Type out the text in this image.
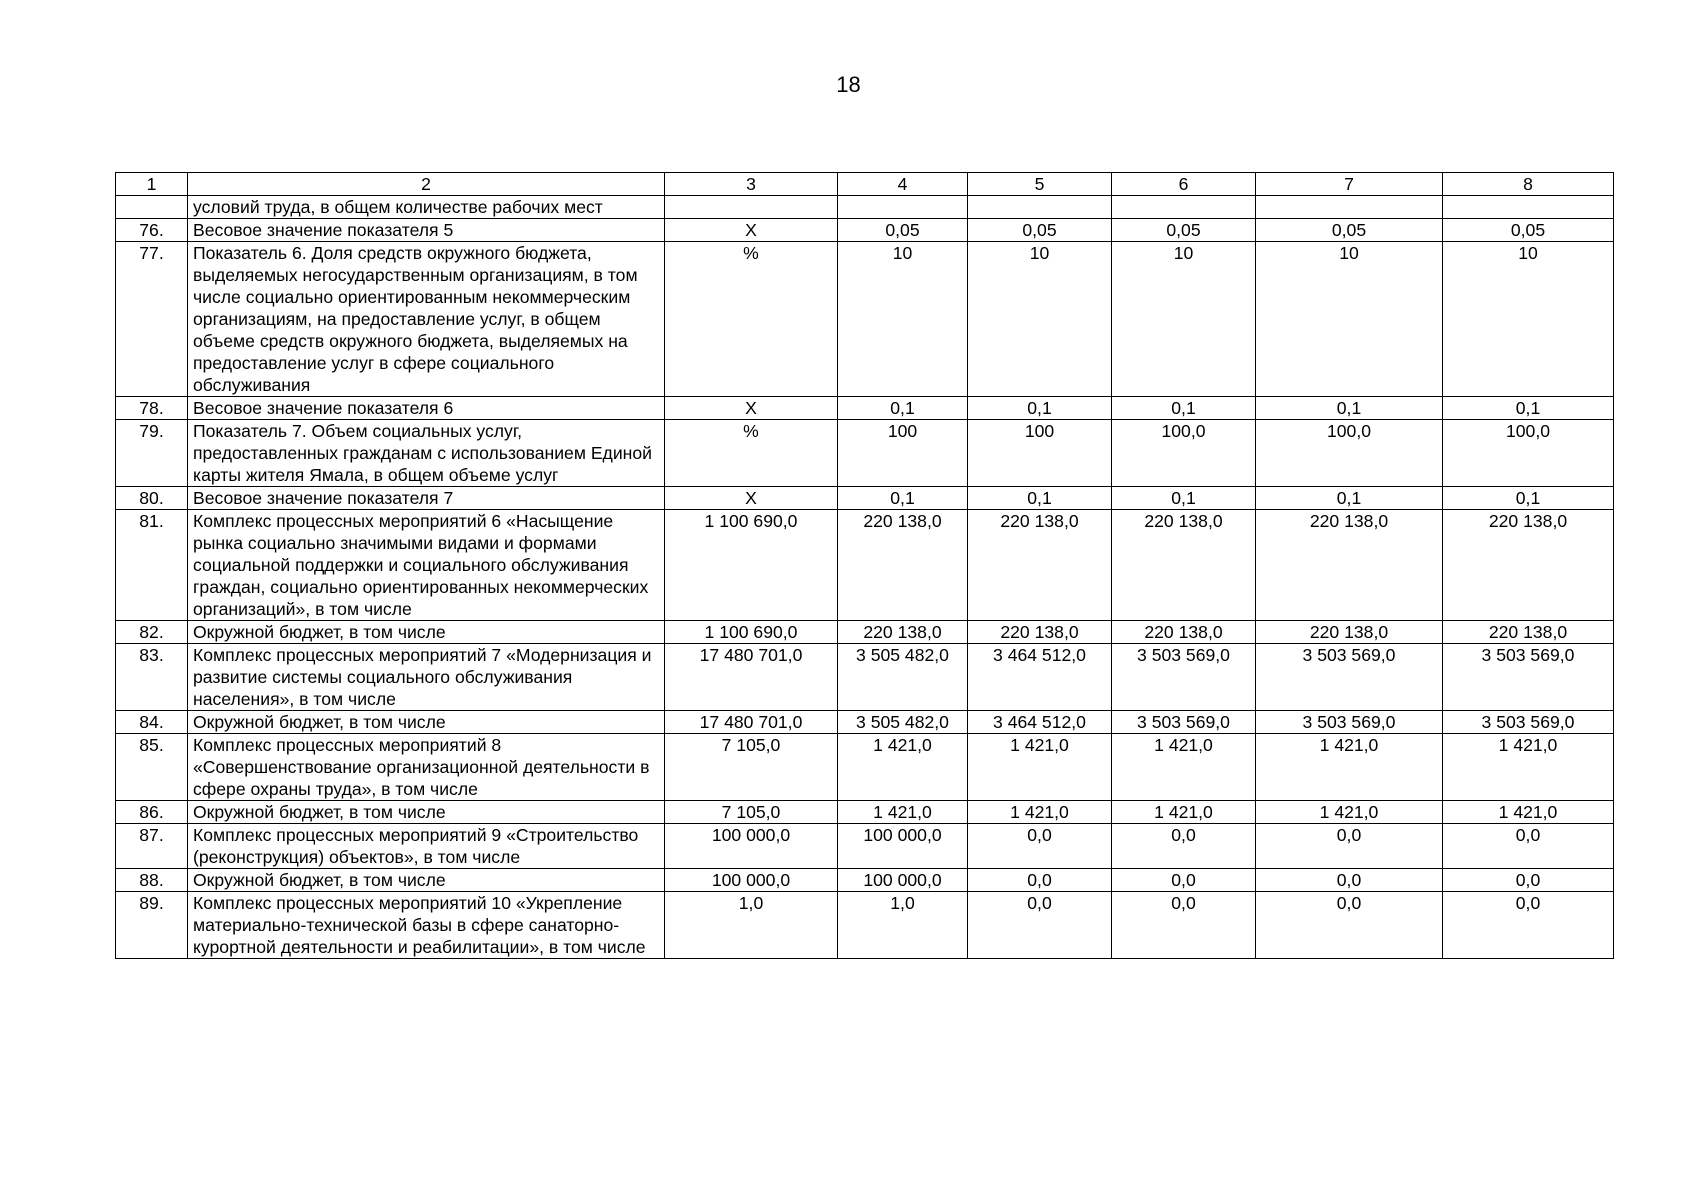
18
1	2	3	4	5	6	7	8
	условий труда, в общем количестве рабочих мест						
76.	Весовое значение показателя 5	X	0,05	0,05	0,05	0,05	0,05
77.	Показатель 6. Доля средств окружного бюджета, выделяемых негосударственным организациям, в том числе социально ориентированным некоммерческим организациям, на предоставление услуг, в общем объеме средств окружного бюджета, выделяемых на предоставление услуг в сфере социального обслуживания	%	10	10	10	10	10
78.	Весовое значение показателя 6	X	0,1	0,1	0,1	0,1	0,1
79.	Показатель 7. Объем социальных услуг, предоставленных гражданам с использованием Единой карты жителя Ямала, в общем объеме услуг	%	100	100	100,0	100,0	100,0
80.	Весовое значение показателя 7	X	0,1	0,1	0,1	0,1	0,1
81.	Комплекс процессных мероприятий 6 «Насыщение рынка социально значимыми видами и формами социальной поддержки и социального обслуживания граждан, социально ориентированных некоммерческих организаций», в том числе	1 100 690,0	220 138,0	220 138,0	220 138,0	220 138,0	220 138,0
82.	Окружной бюджет, в том числе	1 100 690,0	220 138,0	220 138,0	220 138,0	220 138,0	220 138,0
83.	Комплекс процессных мероприятий 7 «Модернизация и развитие системы социального обслуживания населения», в том числе	17 480 701,0	3 505 482,0	3 464 512,0	3 503 569,0	3 503 569,0	3 503 569,0
84.	Окружной бюджет, в том числе	17 480 701,0	3 505 482,0	3 464 512,0	3 503 569,0	3 503 569,0	3 503 569,0
85.	Комплекс процессных мероприятий 8 «Совершенствование организационной деятельности в сфере охраны труда», в том числе	7 105,0	1 421,0	1 421,0	1 421,0	1 421,0	1 421,0
86.	Окружной бюджет, в том числе	7 105,0	1 421,0	1 421,0	1 421,0	1 421,0	1 421,0
87.	Комплекс процессных мероприятий 9 «Строительство (реконструкция) объектов», в том числе	100 000,0	100 000,0	0,0	0,0	0,0	0,0
88.	Окружной бюджет, в том числе	100 000,0	100 000,0	0,0	0,0	0,0	0,0
89.	Комплекс процессных мероприятий 10 «Укрепление материально-технической базы в сфере санаторно-курортной деятельности и реабилитации», в том числе	1,0	1,0	0,0	0,0	0,0	0,0
